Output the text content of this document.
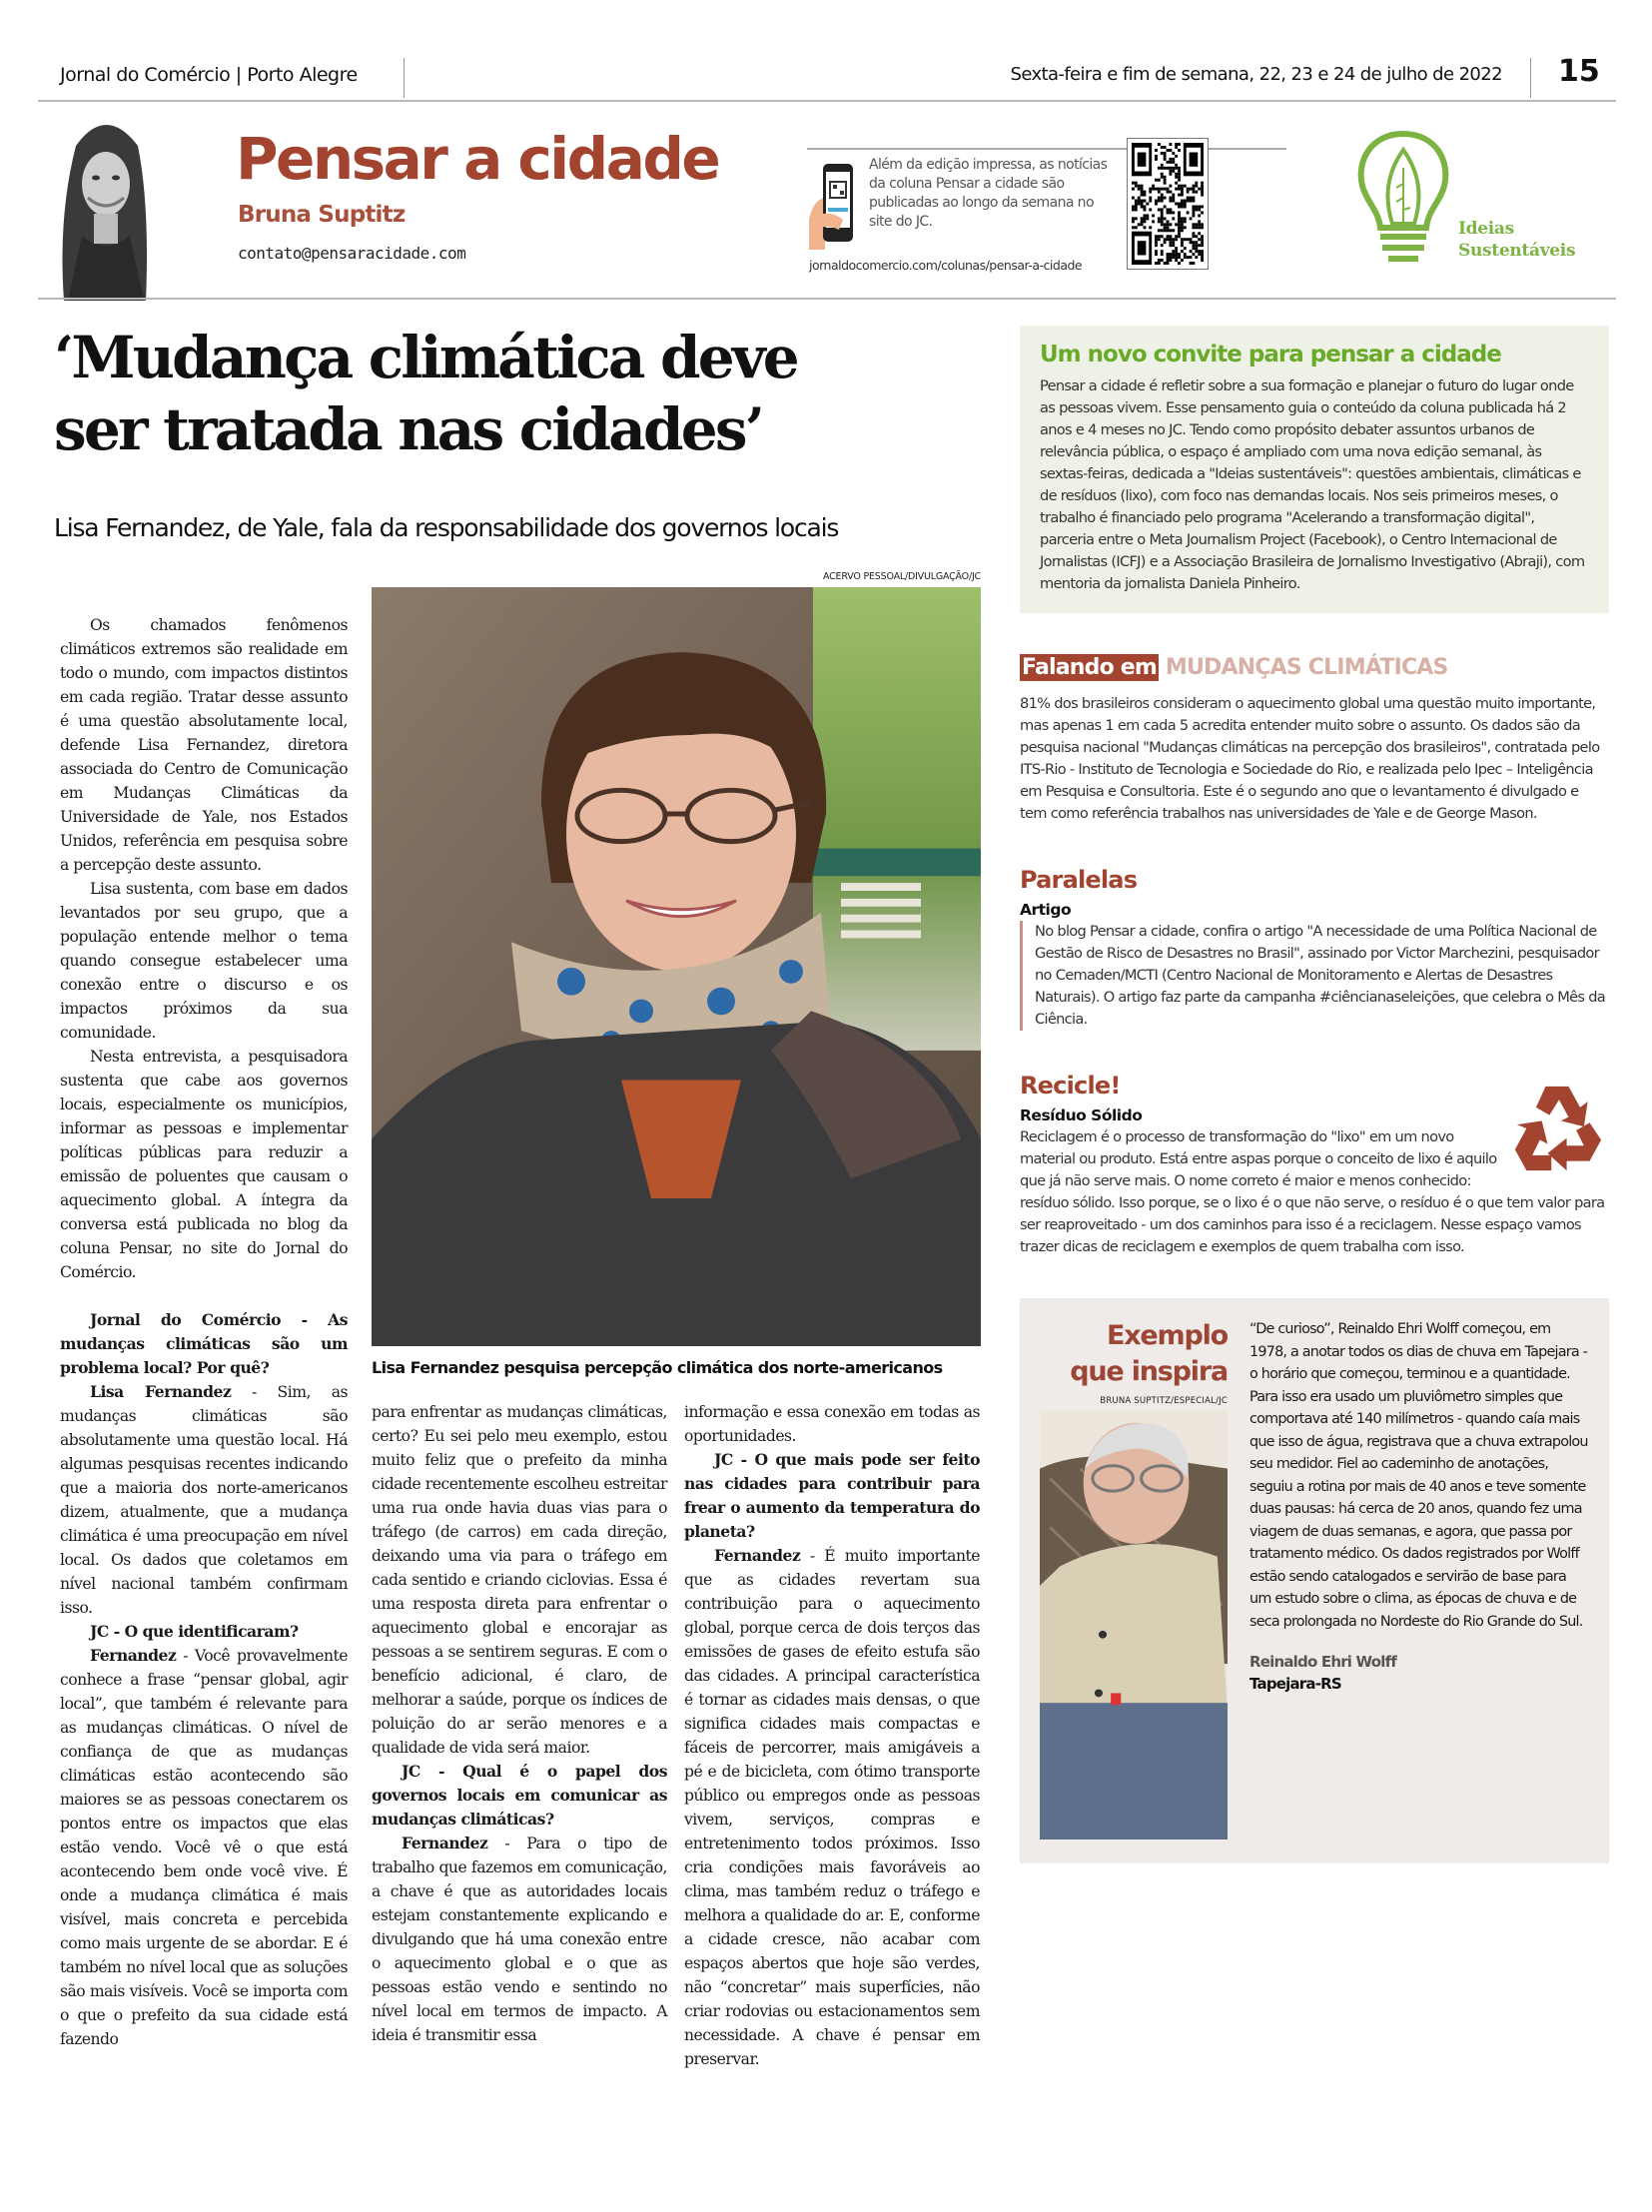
Jornal do Comércio | Porto Alegre	Sexta-feira e fim de semana, 22, 23 e 24 de julho de 2022 15
Pensar a cidade
Bruna Suptitz
contato@pensaracidade.com
Além da edição impressa, as notícias da coluna Pensar a cidade são publicadas ao longo da semana no site do JC.
jornaldocomercio.com/colunas/pensar-a-cidade
Ideias
Sustentáveis
‘Mudança climática deve
ser tratada nas cidades’
Lisa Fernandez, de Yale, fala da responsabilidade dos governos locais
ACERVO PESSOAL/DIVULGAÇÃO/JC
Lisa Fernandez pesquisa percepção climática dos norte-americanos

Os chamados fenômenos climáticos extremos são realidade em todo o mundo, com impactos distintos em cada região. Tratar desse assunto é uma questão absolutamente local, defende Lisa Fernandez, diretora associada do Centro de Comunicação em Mudanças Climáticas da Universidade de Yale, nos Estados Unidos, referência em pesquisa sobre a percepção deste assunto.

Lisa sustenta, com base em dados levantados por seu grupo, que a população entende melhor o tema quando consegue estabelecer uma conexão entre o discurso e os impactos próximos da sua comunidade.

Nesta entrevista, a pesquisadora sustenta que cabe aos governos locais, especialmente os municípios, informar as pessoas e implementar políticas públicas para reduzir a emissão de poluentes que causam o aquecimento global. A íntegra da conversa está publicada no blog da coluna Pensar, no site do Jornal do Comércio.

Jornal do Comércio - As mudanças climáticas são um problema local? Por quê?

Lisa Fernandez - Sim, as mudanças climáticas são absolutamente uma questão local. Há algumas pesquisas recentes indicando que a maioria dos norte-americanos dizem, atualmente, que a mudança climática é uma preocupação em nível local. Os dados que coletamos em nível nacional também confirmam isso.

JC - O que identificaram?

Fernandez - Você provavelmente conhece a frase “pensar global, agir local”, que também é relevante para as mudanças climáticas. O nível de confiança de que as mudanças climáticas estão acontecendo são maiores se as pessoas conectarem os pontos entre os impactos que elas estão vendo. Você vê o que está acontecendo bem onde você vive. É onde a mudança climática é mais visível, mais concreta e percebida como mais urgente de se abordar. E é também no nível local que as soluções são mais visíveis. Você se importa com o que o prefeito da sua cidade está fazendo

para enfrentar as mudanças climáticas, certo? Eu sei pelo meu exemplo, estou muito feliz que o prefeito da minha cidade recentemente escolheu estreitar uma rua onde havia duas vias para o tráfego (de carros) em cada direção, deixando uma via para o tráfego em cada sentido e criando ciclovias. Essa é uma resposta direta para enfrentar o aquecimento global e encorajar as pessoas a se sentirem seguras. E com o benefício adicional, é claro, de melhorar a saúde, porque os índices de poluição do ar serão menores e a qualidade de vida será maior.

JC - Qual é o papel dos governos locais em comunicar as mudanças climáticas?

Fernandez - Para o tipo de trabalho que fazemos em comunicação, a chave é que as autoridades locais estejam constantemente explicando e divulgando que há uma conexão entre o aquecimento global e o que as pessoas estão vendo e sentindo no nível local em termos de impacto. A ideia é transmitir essa

informação e essa conexão em todas as oportunidades.

JC - O que mais pode ser feito nas cidades para contribuir para frear o aumento da temperatura do planeta?

Fernandez - É muito importante que as cidades revertam sua contribuição para o aquecimento global, porque cerca de dois terços das emissões de gases de efeito estufa são das cidades. A principal característica é tornar as cidades mais densas, o que significa cidades mais compactas e fáceis de percorrer, mais amigáveis a pé e de bicicleta, com ótimo transporte público ou empregos onde as pessoas vivem, serviços, compras e entretenimento todos próximos. Isso cria condições mais favoráveis ao clima, mas também reduz o tráfego e melhora a qualidade do ar. E, conforme a cidade cresce, não acabar com espaços abertos que hoje são verdes, não “concretar” mais superfícies, não criar rodovias ou estacionamentos sem necessidade. A chave é pensar em preservar.

Um novo convite para pensar a cidade

Pensar a cidade é refletir sobre a sua formação e planejar o futuro do lugar onde as pessoas vivem. Esse pensamento guia o conteúdo da coluna publicada há 2 anos e 4 meses no JC. Tendo como propósito debater assuntos urbanos de relevância pública, o espaço é ampliado com uma nova edição semanal, às sextas-feiras, dedicada a "Ideias sustentáveis": questões ambientais, climáticas e de resíduos (lixo), com foco nas demandas locais. Nos seis primeiros meses, o trabalho é financiado pelo programa "Acelerando a transformação digital", parceria entre o Meta Journalism Project (Facebook), o Centro Internacional de Jornalistas (ICFJ) e a Associação Brasileira de Jornalismo Investigativo (Abraji), com mentoria da jornalista Daniela Pinheiro.

Falando em MUDANÇAS CLIMÁTICAS

81% dos brasileiros consideram o aquecimento global uma questão muito importante, mas apenas 1 em cada 5 acredita entender muito sobre o assunto. Os dados são da pesquisa nacional "Mudanças climáticas na percepção dos brasileiros", contratada pelo ITS-Rio - Instituto de Tecnologia e Sociedade do Rio, e realizada pelo Ipec – Inteligência em Pesquisa e Consultoria. Este é o segundo ano que o levantamento é divulgado e tem como referência trabalhos nas universidades de Yale e de George Mason.

Paralelas
Artigo

No blog Pensar a cidade, confira o artigo "A necessidade de uma Política Nacional de Gestão de Risco de Desastres no Brasil", assinado por Victor Marchezini, pesquisador no Cemaden/MCTI (Centro Nacional de Monitoramento e Alertas de Desastres Naturais). O artigo faz parte da campanha #ciêncianaseleições, que celebra o Mês da Ciência.

Recicle!
Resíduo Sólido

Reciclagem é o processo de transformação do "lixo" em um novo material ou produto. Está entre aspas porque o conceito de lixo é aquilo que já não serve mais. O nome correto é maior e menos conhecido: resíduo sólido. Isso porque, se o lixo é o que não serve, o resíduo é o que tem valor para ser reaproveitado - um dos caminhos para isso é a reciclagem. Nesse espaço vamos trazer dicas de reciclagem e exemplos de quem trabalha com isso.

Exemplo
que inspira
BRUNA SUPTITZ/ESPECIAL/JC
“De curioso”, Reinaldo Ehri Wolff começou, em 1978, a anotar todos os dias de chuva em Tapejara - o horário que começou, terminou e a quantidade. Para isso era usado um pluviômetro simples que comportava até 140 milímetros - quando caía mais que isso de água, registrava que a chuva extrapolou seu medidor. Fiel ao cademinho de anotações, seguiu a rotina por mais de 40 anos e teve somente duas pausas: há cerca de 20 anos, quando fez uma viagem de duas semanas, e agora, que passa por tratamento médico. Os dados registrados por Wolff estão sendo catalogados e servirão de base para um estudo sobre o clima, as épocas de chuva e de seca prolongada no Nordeste do Rio Grande do Sul.
Reinaldo Ehri Wolff
Tapejara-RS
